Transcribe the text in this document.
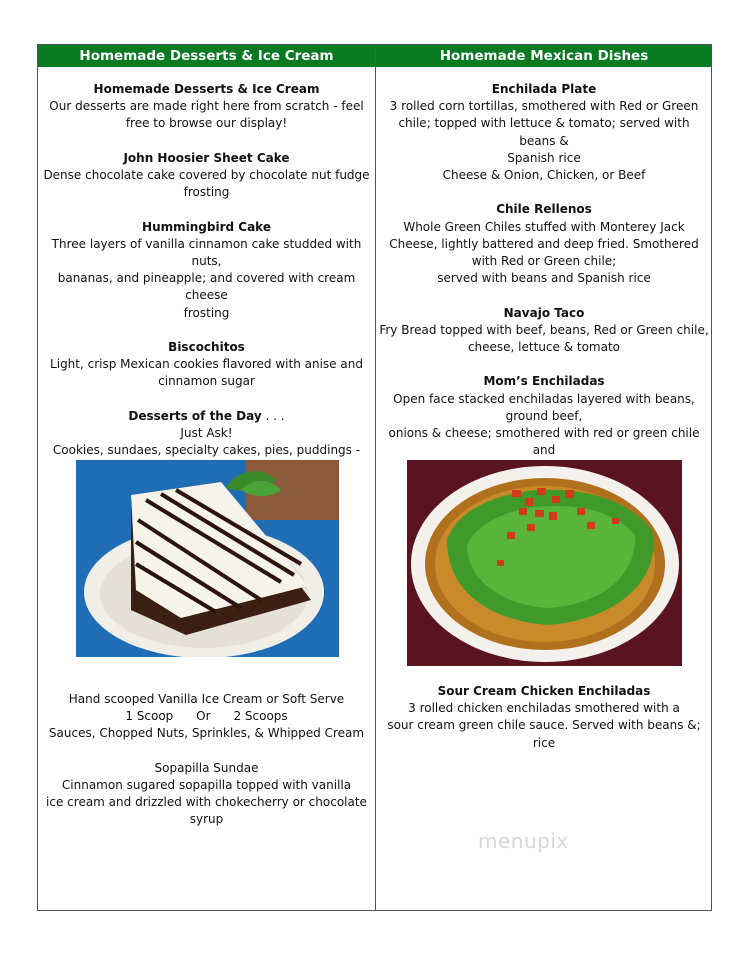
Homemade Desserts & Ice Cream	Homemade Mexican Dishes
Homemade Desserts & Ice Cream
Our desserts are made right here from scratch - feel
free to browse our display!
John Hoosier Sheet Cake
Dense chocolate cake covered by chocolate nut fudge
frosting
Hummingbird Cake
Three layers of vanilla cinnamon cake studded with nuts,
bananas, and pineapple; and covered with cream cheese
frosting
Biscochitos
Light, crisp Mexican cookies flavored with anise and
cinnamon sugar
Desserts of the Day . . .
Just Ask!
Cookies, sundaes, specialty cakes, pies, puddings -
Hand scooped Vanilla Ice Cream or Soft Serve
1 Scoop      Or      2 Scoops
Sauces, Chopped Nuts, Sprinkles, & Whipped Cream
Sopapilla Sundae
Cinnamon sugared sopapilla topped with vanilla
ice cream and drizzled with chokecherry or chocolate
syrup
Enchilada Plate
3 rolled corn tortillas, smothered with Red or Green
chile; topped with lettuce & tomato; served with beans &
Spanish rice
Cheese & Onion, Chicken, or Beef
Chile Rellenos
Whole Green Chiles stuffed with Monterey Jack
Cheese, lightly battered and deep fried. Smothered
with Red or Green chile;
served with beans and Spanish rice
Navajo Taco
Fry Bread topped with beef, beans, Red or Green chile,
cheese, lettuce & tomato
Mom’s Enchiladas
Open face stacked enchiladas layered with beans,
ground beef,
onions & cheese; smothered with red or green chile and
Sour Cream Chicken Enchiladas
3 rolled chicken enchiladas smothered with a
sour cream green chile sauce. Served with beans &; rice
menupix
